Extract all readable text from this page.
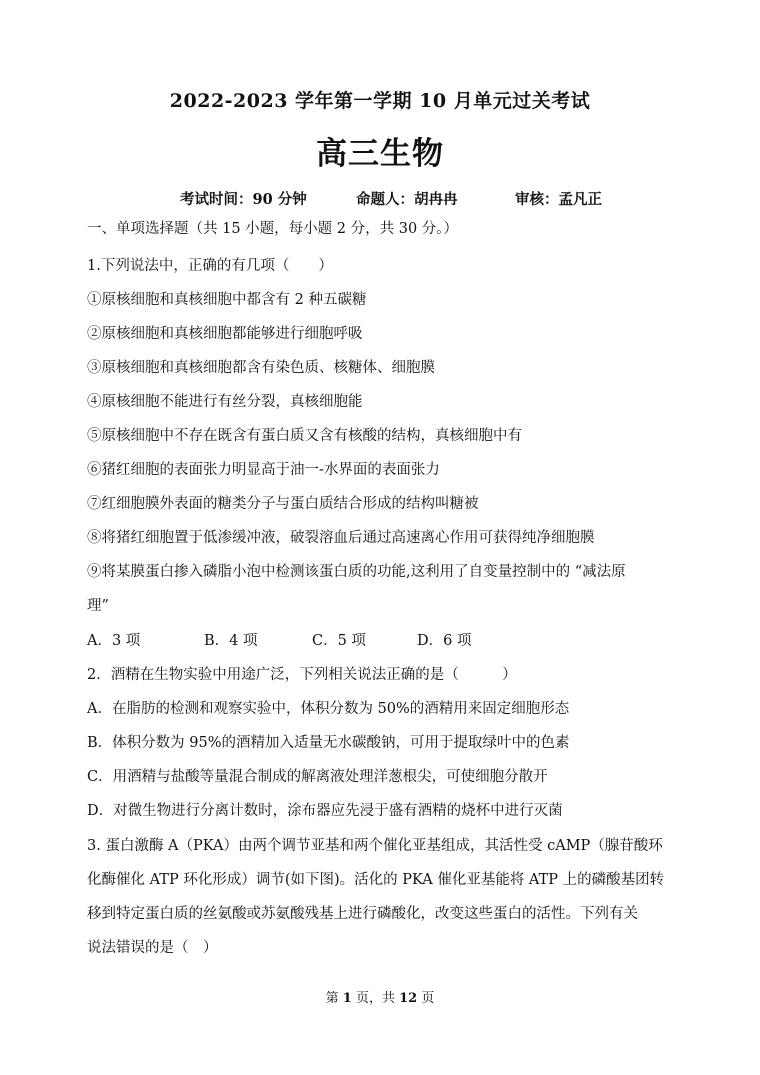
2022-2023 学年第一学期 10 月单元过关考试
高三生物
考试时间：90 分钟	命题人：胡冉冉	审核：孟凡正
一、单项选择题（共 15 小题，每小题 2 分，共 30 分。）
1.下列说法中，正确的有几项（　　）
①原核细胞和真核细胞中都含有 2 种五碳糖
②原核细胞和真核细胞都能够进行细胞呼吸
③原核细胞和真核细胞都含有染色质、核糖体、细胞膜
④原核细胞不能进行有丝分裂，真核细胞能
⑤原核细胞中不存在既含有蛋白质又含有核酸的结构，真核细胞中有
⑥猪红细胞的表面张力明显高于油一-水界面的表面张力
⑦红细胞膜外表面的糖类分子与蛋白质结合形成的结构叫糖被
⑧将猪红细胞置于低渗缓冲液，破裂溶血后通过高速离心作用可获得纯净细胞膜
⑨将某膜蛋白掺入磷脂小泡中检测该蛋白质的功能,这利用了自变量控制中的 “减法原
理”
A．3 项	B．4 项	C．5 项	D．6 项
2．酒精在生物实验中用途广泛，下列相关说法正确的是（　　　）
A．在脂肪的检测和观察实验中，体积分数为 50%的酒精用来固定细胞形态
B．体积分数为 95%的酒精加入适量无水碳酸钠，可用于提取绿叶中的色素
C．用酒精与盐酸等量混合制成的解离液处理洋葱根尖，可使细胞分散开
D．对微生物进行分离计数时，涂布器应先浸于盛有酒精的烧杯中进行灭菌
3. 蛋白激酶 A（PKA）由两个调节亚基和两个催化亚基组成，其活性受 cAMP（腺苷酸环
化酶催化 ATP 环化形成）调节(如下图)。活化的 PKA 催化亚基能将 ATP 上的磷酸基团转
移到特定蛋白质的丝氨酸或苏氨酸残基上进行磷酸化，改变这些蛋白的活性。下列有关
说法错误的是（　）
第 1 页，共 12 页
